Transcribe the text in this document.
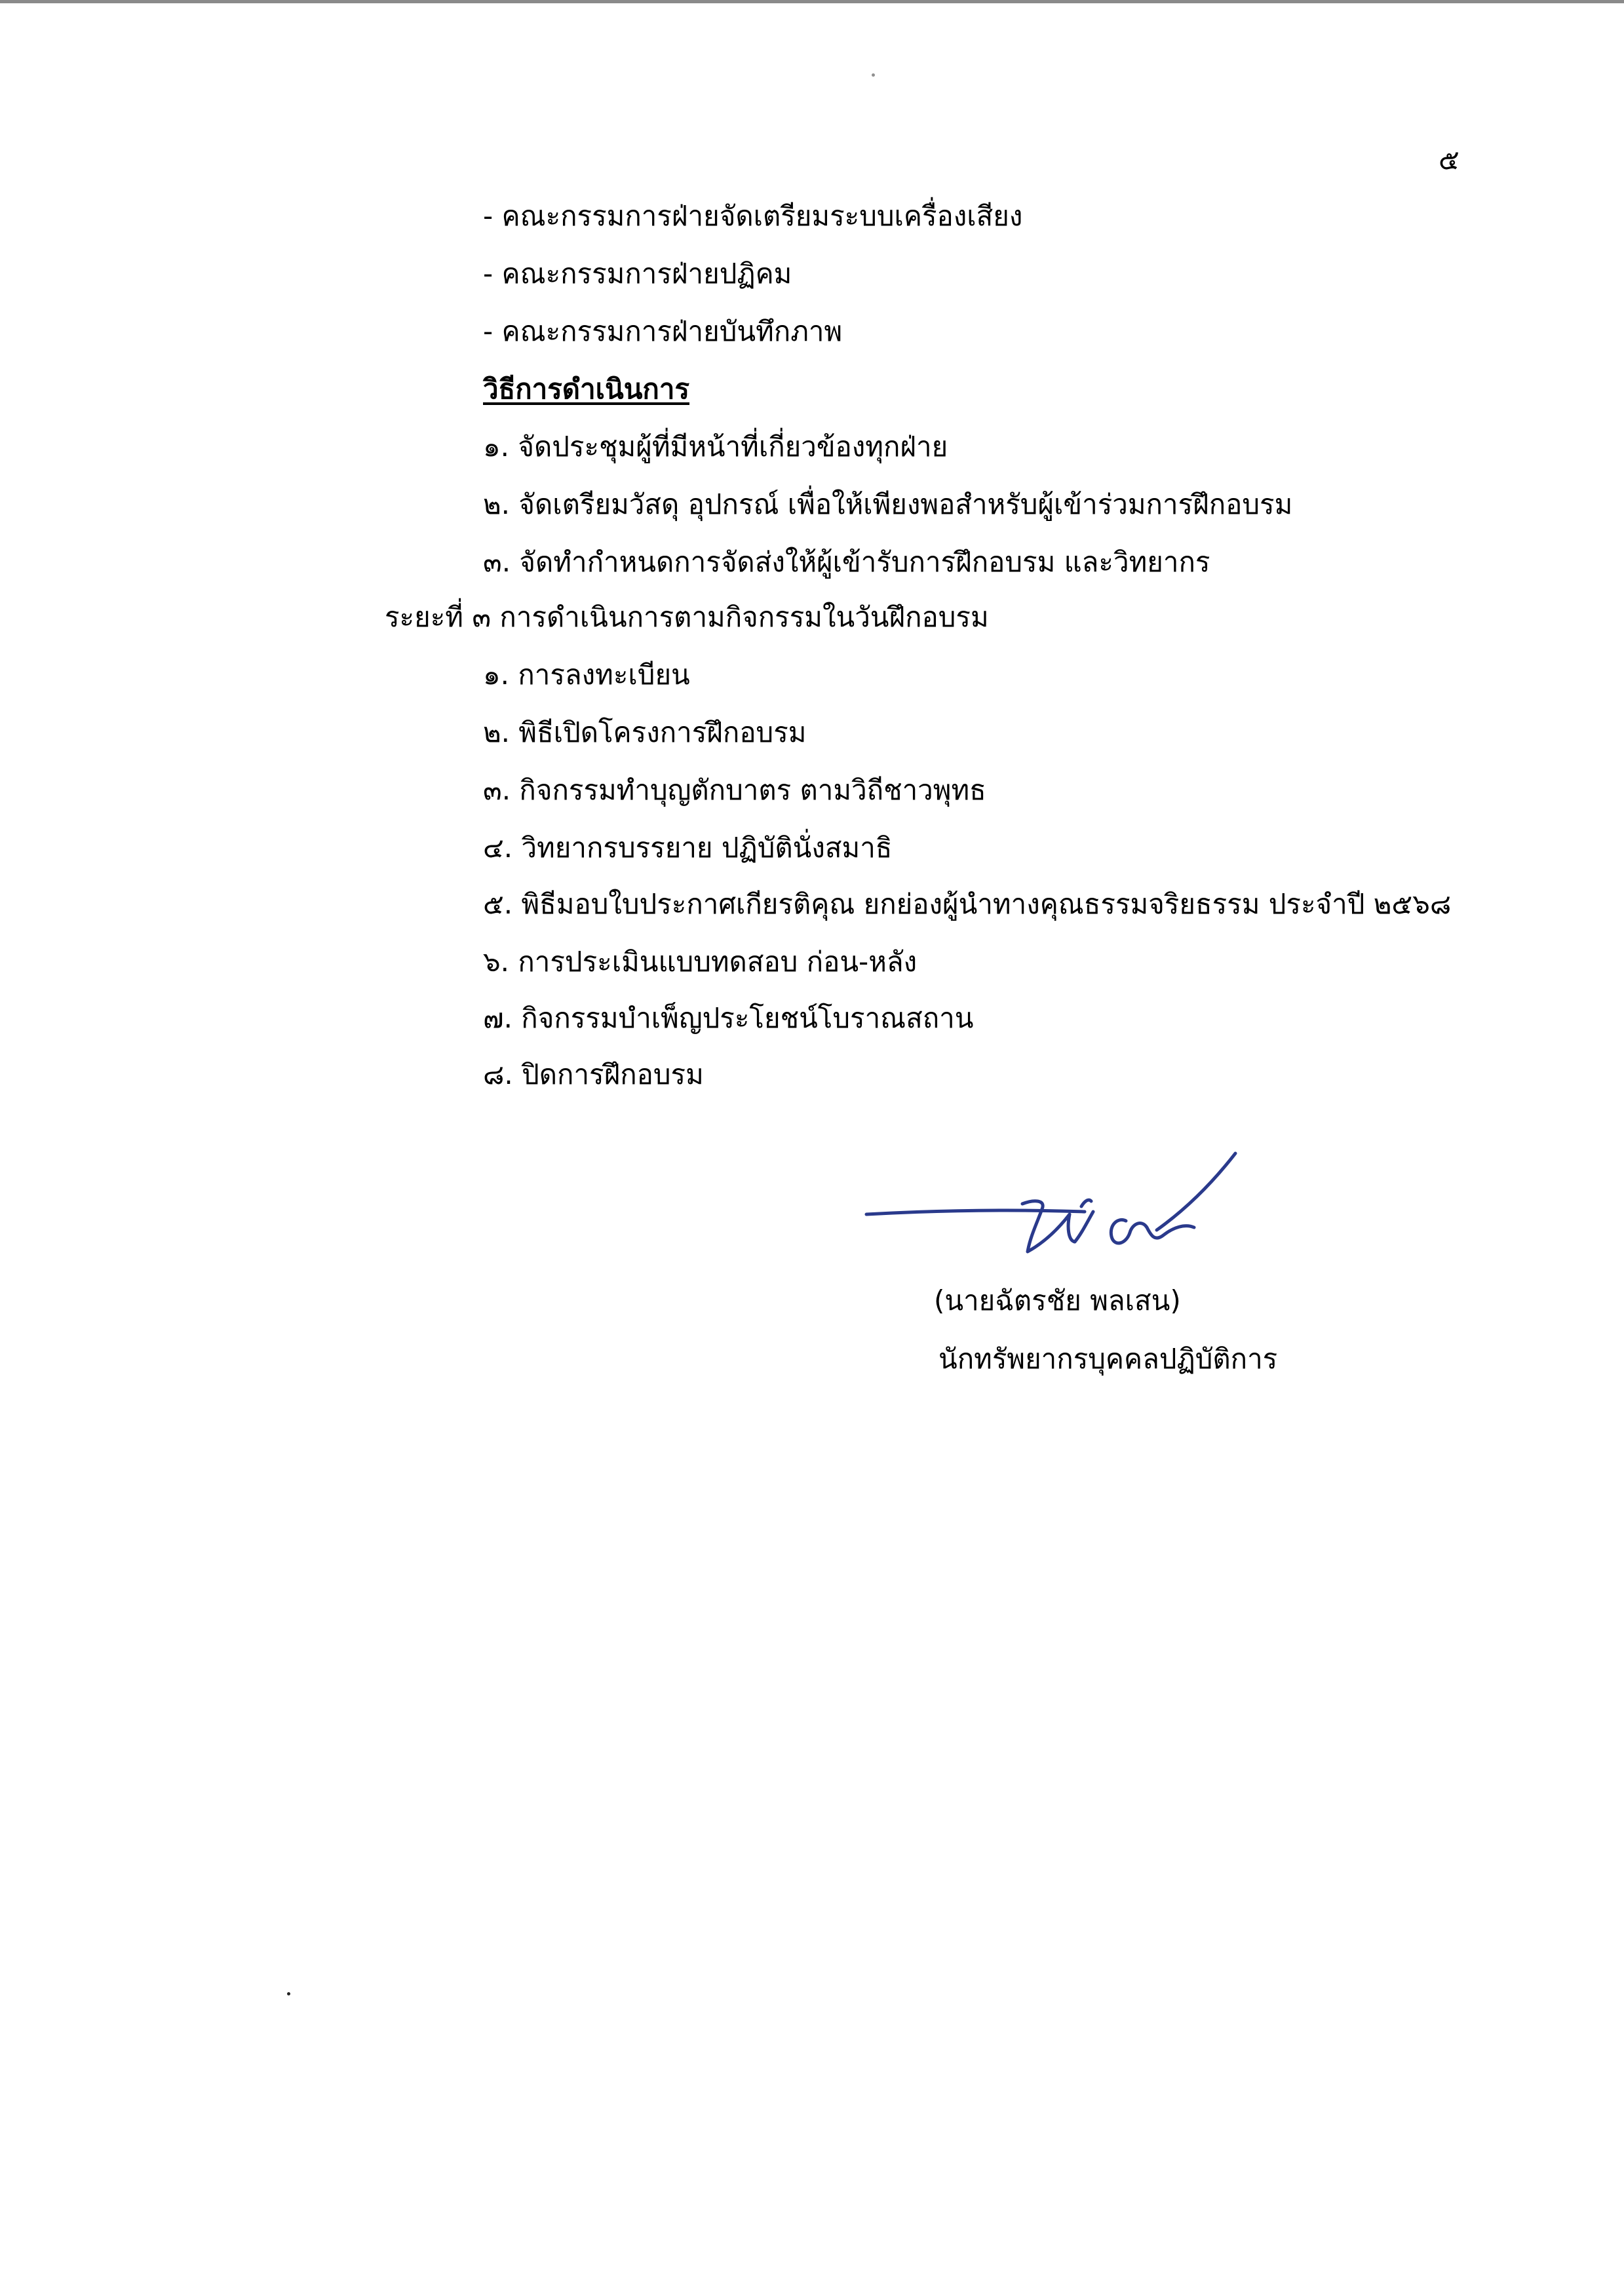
๕
- คณะกรรมการฝ่ายจัดเตรียมระบบเครื่องเสียง
- คณะกรรมการฝ่ายปฏิคม
- คณะกรรมการฝ่ายบันทึกภาพ
วิธีการดำเนินการ
๑. จัดประชุมผู้ที่มีหน้าที่เกี่ยวข้องทุกฝ่าย
๒. จัดเตรียมวัสดุ อุปกรณ์ เพื่อให้เพียงพอสำหรับผู้เข้าร่วมการฝึกอบรม
๓. จัดทำกำหนดการจัดส่งให้ผู้เข้ารับการฝึกอบรม และวิทยากร
ระยะที่ ๓ การดำเนินการตามกิจกรรมในวันฝึกอบรม
๑. การลงทะเบียน
๒. พิธีเปิดโครงการฝึกอบรม
๓. กิจกรรมทำบุญตักบาตร ตามวิถีชาวพุทธ
๔. วิทยากรบรรยาย ปฏิบัตินั่งสมาธิ
๕. พิธีมอบใบประกาศเกียรติคุณ ยกย่องผู้นำทางคุณธรรมจริยธรรม ประจำปี ๒๕๖๘
๖. การประเมินแบบทดสอบ ก่อน-หลัง
๗. กิจกรรมบำเพ็ญประโยชน์โบราณสถาน
๘. ปิดการฝึกอบรม
(นายฉัตรชัย พลเสน)
นักทรัพยากรบุคคลปฏิบัติการ
